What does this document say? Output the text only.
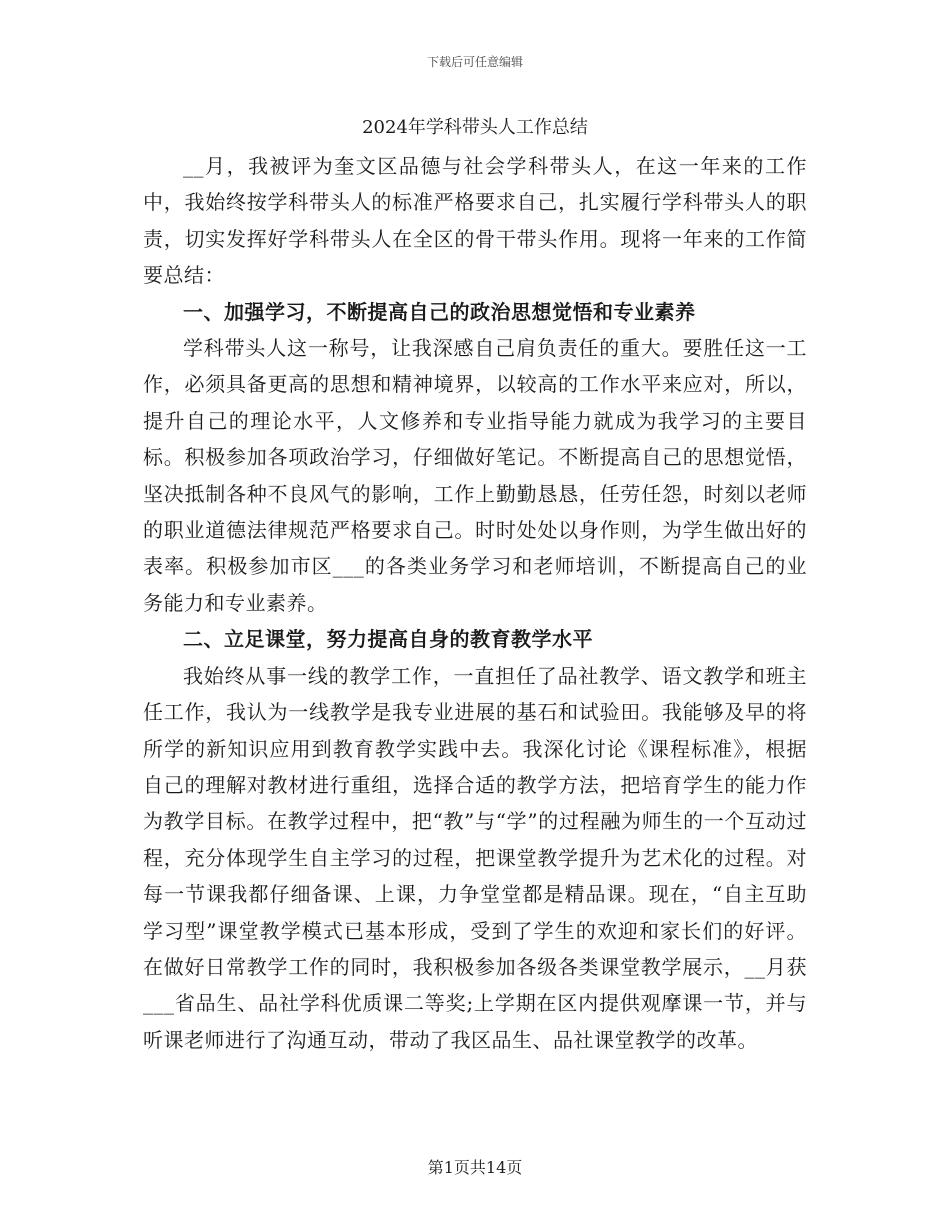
下载后可任意编辑
2024年学科带头人工作总结

__月，我被评为奎文区品德与社会学科带头人，在这一年来的工作中，我始终按学科带头人的标准严格要求自己，扎实履行学科带头人的职责，切实发挥好学科带头人在全区的骨干带头作用。现将一年来的工作简要总结：

一、加强学习，不断提高自己的政治思想觉悟和专业素养

学科带头人这一称号，让我深感自己肩负责任的重大。要胜任这一工作，必须具备更高的思想和精神境界，以较高的工作水平来应对，所以，提升自己的理论水平，人文修养和专业指导能力就成为我学习的主要目标。积极参加各项政治学习，仔细做好笔记。不断提高自己的思想觉悟，坚决抵制各种不良风气的影响，工作上勤勤恳恳，任劳任怨，时刻以老师的职业道德法律规范严格要求自己。时时处处以身作则，为学生做出好的表率。积极参加市区___的各类业务学习和老师培训，不断提高自己的业务能力和专业素养。

二、立足课堂，努力提高自身的教育教学水平

我始终从事一线的教学工作，一直担任了品社教学、语文教学和班主任工作，我认为一线教学是我专业进展的基石和试验田。我能够及早的将所学的新知识应用到教育教学实践中去。我深化讨论《课程标准》，根据自己的理解对教材进行重组，选择合适的教学方法，把培育学生的能力作为教学目标。在教学过程中，把“教”与“学”的过程融为师生的一个互动过程，充分体现学生自主学习的过程，把课堂教学提升为艺术化的过程。对每一节课我都仔细备课、上课，力争堂堂都是精品课。现在，“自主互助学习型”课堂教学模式已基本形成，受到了学生的欢迎和家长们的好评。在做好日常教学工作的同时，我积极参加各级各类课堂教学展示，__月获___省品生、品社学科优质课二等奖;上学期在区内提供观摩课一节，并与听课老师进行了沟通互动，带动了我区品生、品社课堂教学的改革。

第1页共14页
